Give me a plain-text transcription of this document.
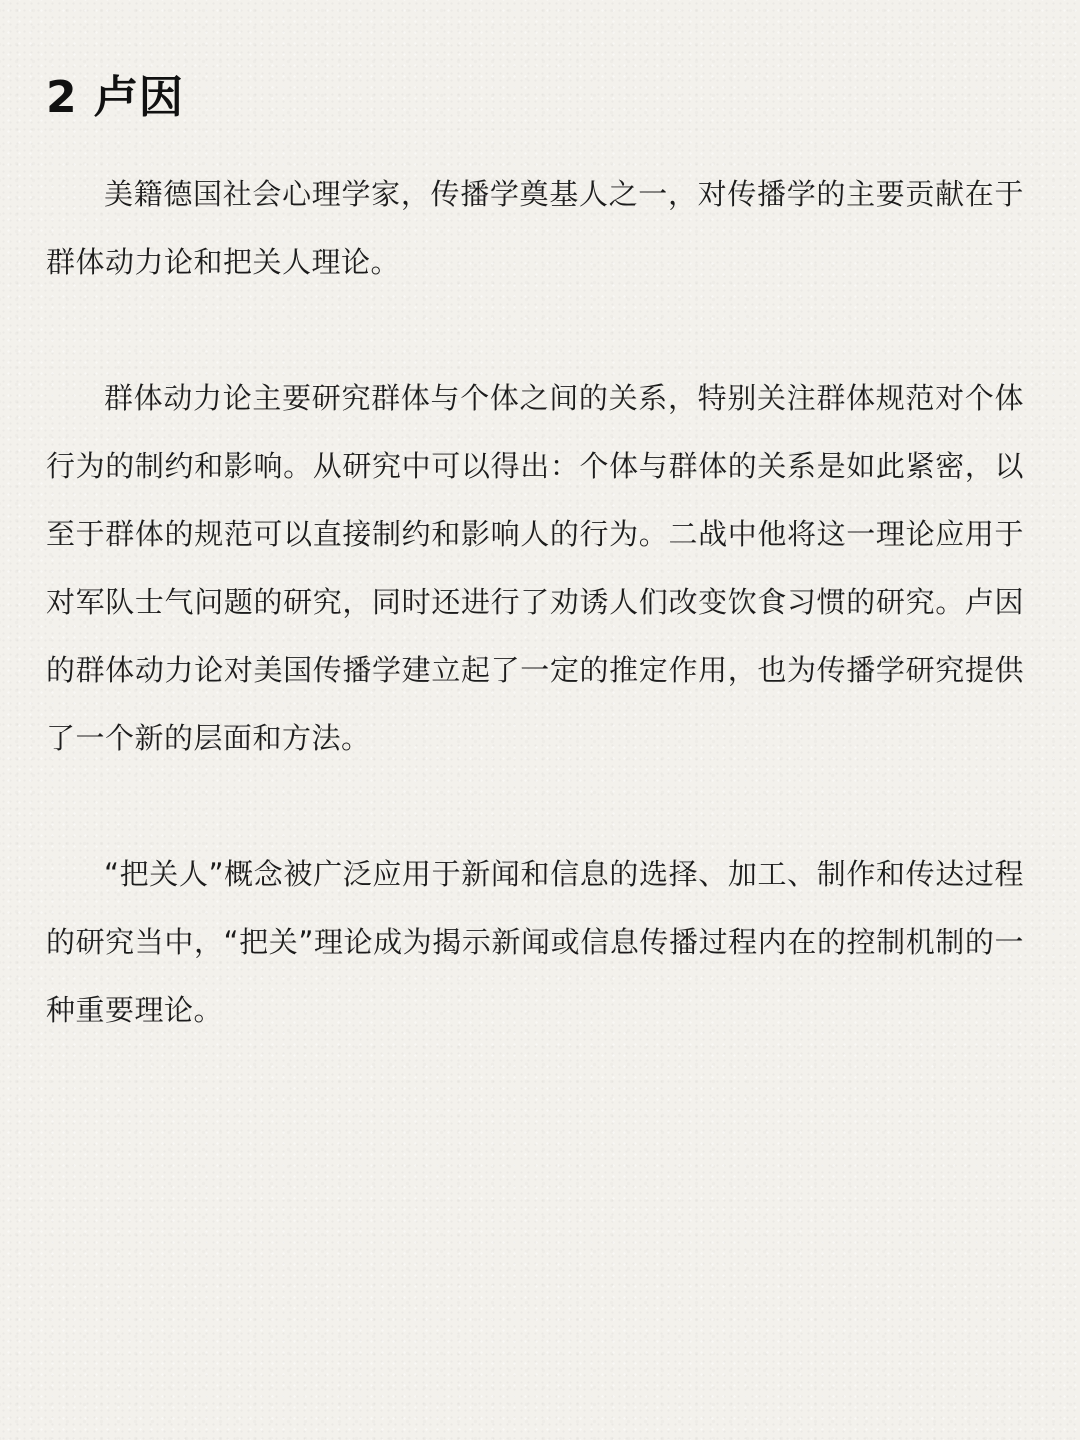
2 卢因

美籍德国社会心理学家，传播学奠基人之一，对传播学的主要贡献在于群体动力论和把关人理论。

群体动力论主要研究群体与个体之间的关系，特别关注群体规范对个体行为的制约和影响。从研究中可以得出：个体与群体的关系是如此紧密，以至于群体的规范可以直接制约和影响人的行为。二战中他将这一理论应用于对军队士气问题的研究，同时还进行了劝诱人们改变饮食习惯的研究。卢因的群体动力论对美国传播学建立起了一定的推定作用，也为传播学研究提供了一个新的层面和方法。

“把关人”概念被广泛应用于新闻和信息的选择、加工、制作和传达过程的研究当中，“把关”理论成为揭示新闻或信息传播过程内在的控制机制的一种重要理论。
